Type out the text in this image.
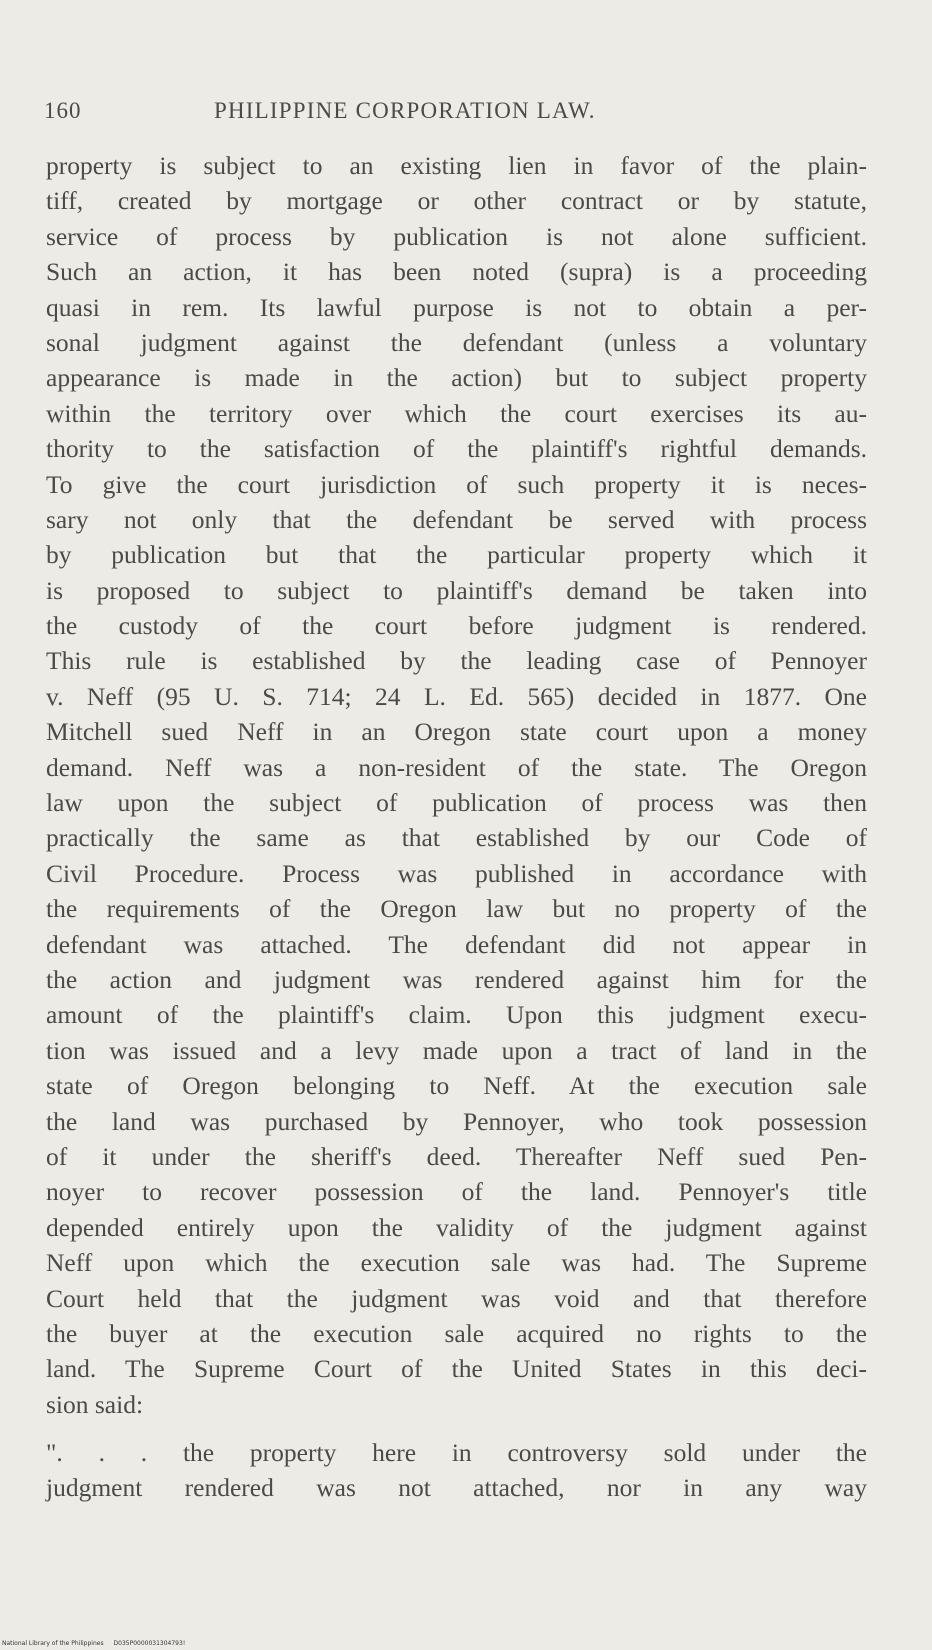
160	PHILIPPINE CORPORATION LAW.
property is subject to an existing lien in favor of the plain-
tiff, created by mortgage or other contract or by statute,
service of process by publication is not alone sufficient.
Such an action, it has been noted (supra) is a proceeding
quasi in rem. Its lawful purpose is not to obtain a per-
sonal judgment against the defendant (unless a voluntary
appearance is made in the action) but to subject property
within the territory over which the court exercises its au-
thority to the satisfaction of the plaintiff's rightful demands.
To give the court jurisdiction of such property it is neces-
sary not only that the defendant be served with process
by publication but that the particular property which it
is proposed to subject to plaintiff's demand be taken into
the custody of the court before judgment is rendered.
This rule is established by the leading case of Pennoyer
v. Neff (95 U. S. 714; 24 L. Ed. 565) decided in 1877. One
Mitchell sued Neff in an Oregon state court upon a money
demand. Neff was a non-resident of the state. The Oregon
law upon the subject of publication of process was then
practically the same as that established by our Code of
Civil Procedure. Process was published in accordance with
the requirements of the Oregon law but no property of the
defendant was attached. The defendant did not appear in
the action and judgment was rendered against him for the
amount of the plaintiff's claim. Upon this judgment execu-
tion was issued and a levy made upon a tract of land in the
state of Oregon belonging to Neff. At the execution sale
the land was purchased by Pennoyer, who took possession
of it under the sheriff's deed. Thereafter Neff sued Pen-
noyer to recover possession of the land. Pennoyer's title
depended entirely upon the validity of the judgment against
Neff upon which the execution sale was had. The Supreme
Court held that the judgment was void and that therefore
the buyer at the execution sale acquired no rights to the
land. The Supreme Court of the United States in this deci-
sion said:
". . . the property here in controversy sold under the
judgment rendered was not attached, nor in any way
National Library of the Philippines D035P0000031304793!
